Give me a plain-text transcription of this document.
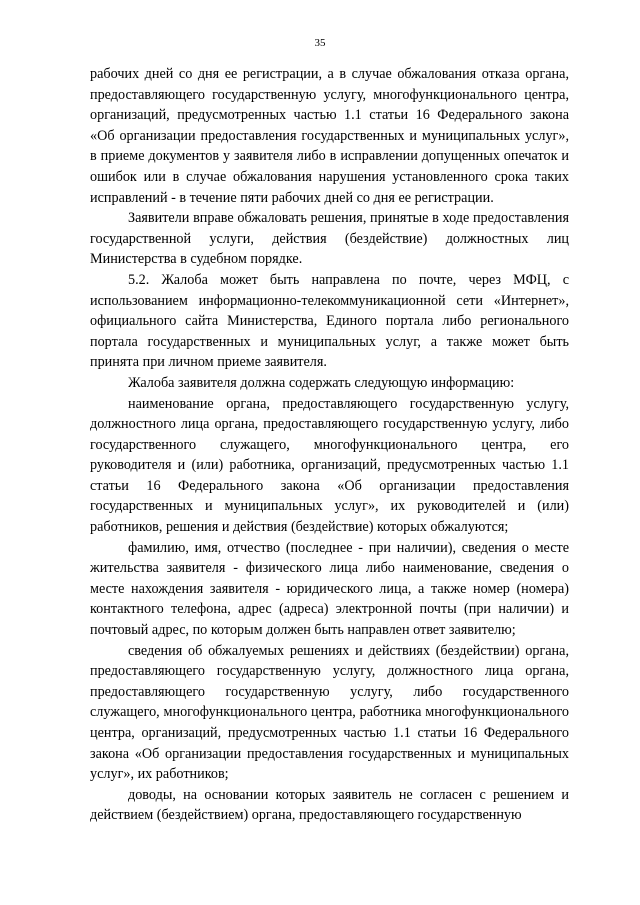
35

рабочих дней со дня ее регистрации, а в случае обжалования отказа органа, предоставляющего государственную услугу, многофункционального центра, организаций, предусмотренных частью 1.1 статьи 16 Федерального закона «Об организации предоставления государственных и муниципальных услуг», в приеме документов у заявителя либо в исправлении допущенных опечаток и ошибок или в случае обжалования нарушения установленного срока таких исправлений - в течение пяти рабочих дней со дня ее регистрации.

Заявители вправе обжаловать решения, принятые в ходе предоставления государственной услуги, действия (бездействие) должностных лиц Министерства в судебном порядке.

5.2. Жалоба может быть направлена по почте, через МФЦ, с использованием информационно-телекоммуникационной сети «Интернет», официального сайта Министерства, Единого портала либо регионального портала государственных и муниципальных услуг, а также может быть принята при личном приеме заявителя.

Жалоба заявителя должна содержать следующую информацию:

наименование органа, предоставляющего государственную услугу, должностного лица органа, предоставляющего государственную услугу, либо государственного служащего, многофункционального центра, его руководителя и (или) работника, организаций, предусмотренных частью 1.1 статьи 16 Федерального закона «Об организации предоставления государственных и муниципальных услуг», их руководителей и (или) работников, решения и действия (бездействие) которых обжалуются;

фамилию, имя, отчество (последнее - при наличии), сведения о месте жительства заявителя - физического лица либо наименование, сведения о месте нахождения заявителя - юридического лица, а также номер (номера) контактного телефона, адрес (адреса) электронной почты (при наличии) и почтовый адрес, по которым должен быть направлен ответ заявителю;

сведения об обжалуемых решениях и действиях (бездействии) органа, предоставляющего государственную услугу, должностного лица органа, предоставляющего государственную услугу, либо государственного служащего, многофункционального центра, работника многофункционального центра, организаций, предусмотренных частью 1.1 статьи 16 Федерального закона «Об организации предоставления государственных и муниципальных услуг», их работников;

доводы, на основании которых заявитель не согласен с решением и действием (бездействием) органа, предоставляющего государственную
